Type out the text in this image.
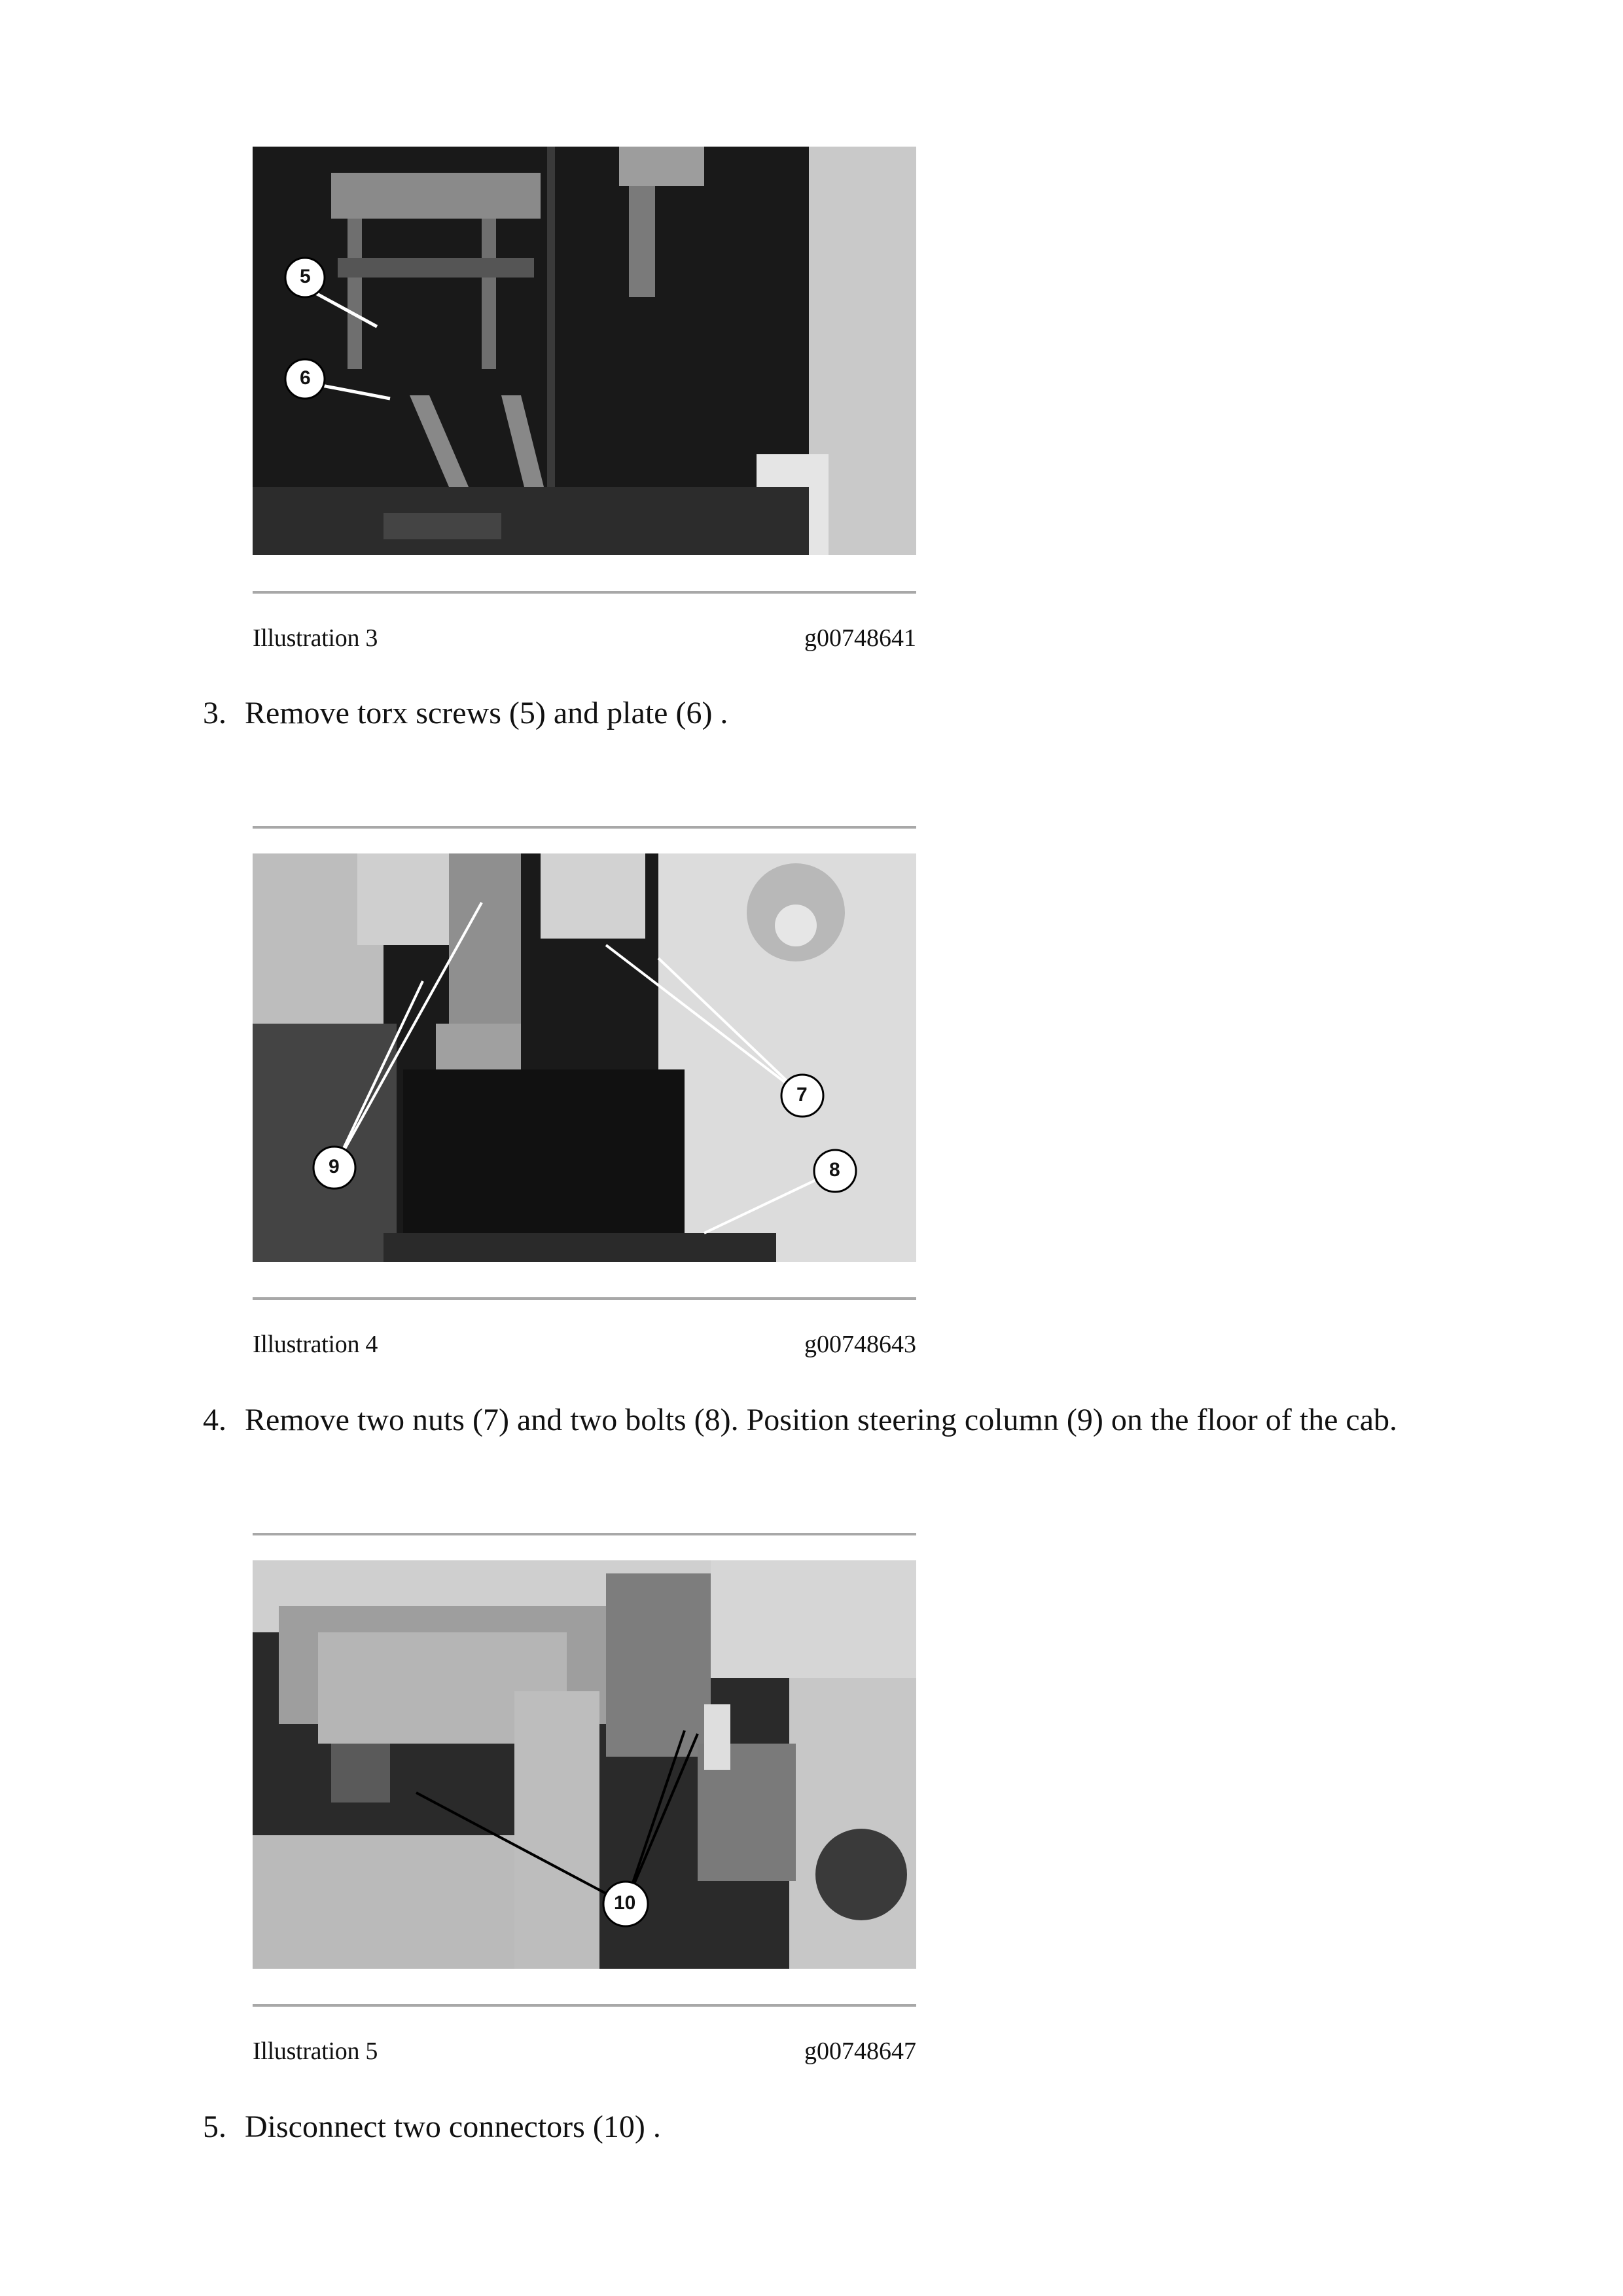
5
6
Illustration 3	g00748641
3. Remove torx screws (5) and plate (6) .
7
8
9
Illustration 4	g00748643
4. Remove two nuts (7) and two bolts (8). Position steering column (9) on the floor of the cab.
10
Illustration 5	g00748647
5. Disconnect two connectors (10) .
